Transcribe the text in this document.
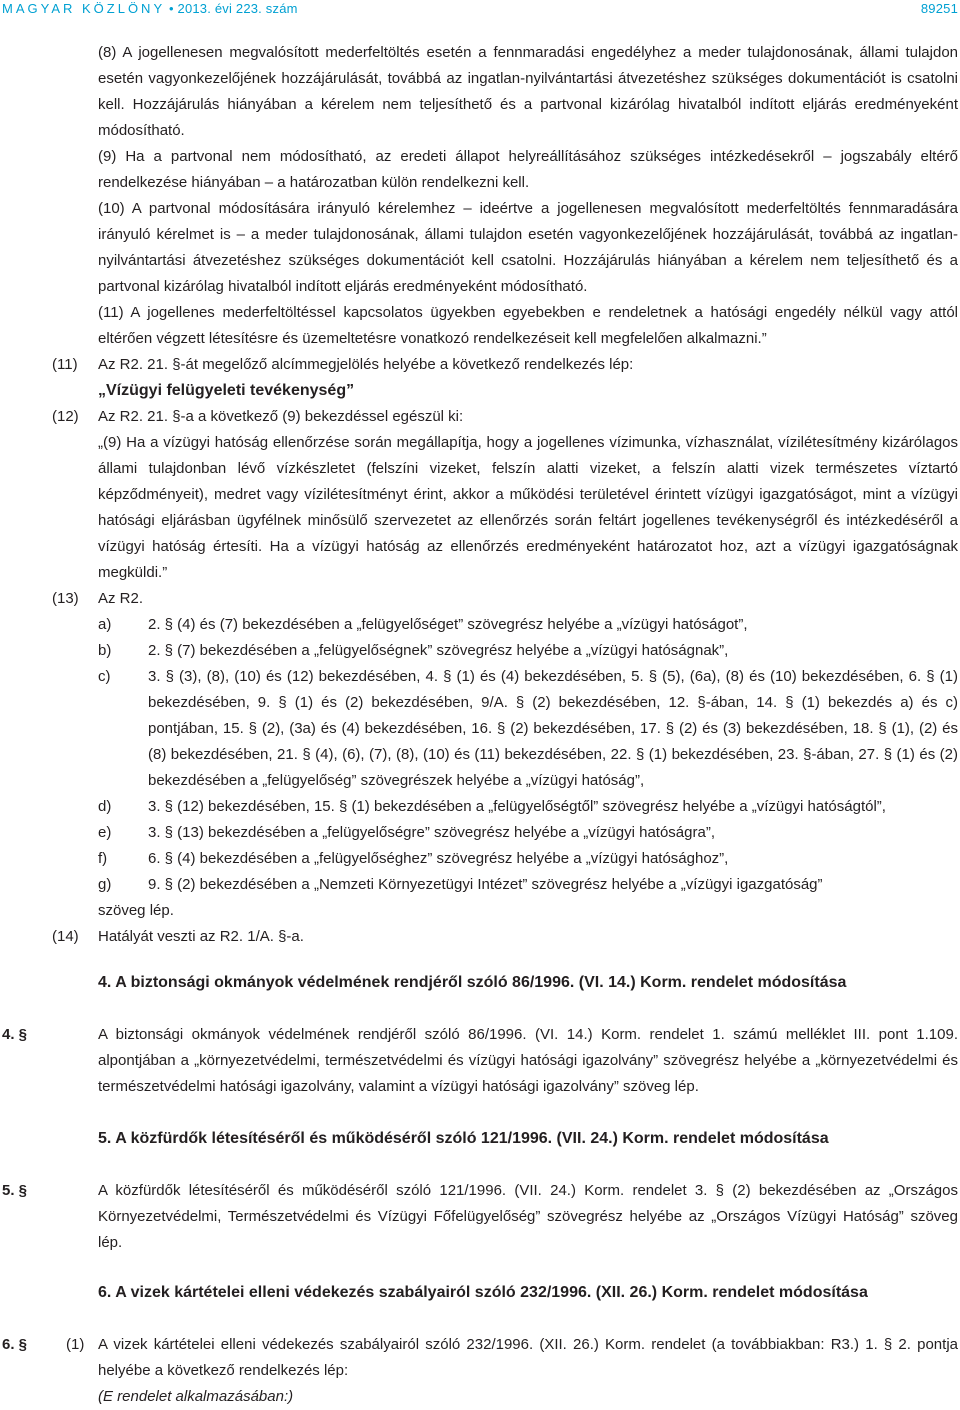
MAGYAR KÖZLÖNY • 2013. évi 223. szám	89251
(8) A jogellenesen megvalósított mederfeltöltés esetén a fennmaradási engedélyhez a meder tulajdonosának, állami tulajdon esetén vagyonkezelőjének hozzájárulását, továbbá az ingatlan-nyilvántartási átvezetéshez szükséges dokumentációt is csatolni kell. Hozzájárulás hiányában a kérelem nem teljesíthető és a partvonal kizárólag hivatalból indított eljárás eredményeként módosítható.
(9) Ha a partvonal nem módosítható, az eredeti állapot helyreállításához szükséges intézkedésekről – jogszabály eltérő rendelkezése hiányában – a határozatban külön rendelkezni kell.
(10) A partvonal módosítására irányuló kérelemhez – ideértve a jogellenesen megvalósított mederfeltöltés fennmaradására irányuló kérelmet is – a meder tulajdonosának, állami tulajdon esetén vagyonkezelőjének hozzájárulását, továbbá az ingatlan-nyilvántartási átvezetéshez szükséges dokumentációt kell csatolni. Hozzájárulás hiányában a kérelem nem teljesíthető és a partvonal kizárólag hivatalból indított eljárás eredményeként módosítható.
(11) A jogellenes mederfeltöltéssel kapcsolatos ügyekben egyebekben e rendeletnek a hatósági engedély nélkül vagy attól eltérően végzett létesítésre és üzemeltetésre vonatkozó rendelkezéseit kell megfelelően alkalmazni.”
(11) Az R2. 21. §-át megelőző alcímmegjelölés helyébe a következő rendelkezés lép:
„Vízügyi felügyeleti tevékenység”
(12) Az R2. 21. §-a a következő (9) bekezdéssel egészül ki:
„(9) Ha a vízügyi hatóság ellenőrzése során megállapítja, hogy a jogellenes vízimunka, vízhasználat, vízilétesítmény kizárólagos állami tulajdonban lévő vízkészletet (felszíni vizeket, felszín alatti vizeket, a felszín alatti vizek természetes víztartó képződményeit), medret vagy vízilétesítményt érint, akkor a működési területével érintett vízügyi igazgatóságot, mint a vízügyi hatósági eljárásban ügyfélnek minősülő szervezetet az ellenőrzés során feltárt jogellenes tevékenységről és intézkedéséről a vízügyi hatóság értesíti. Ha a vízügyi hatóság az ellenőrzés eredményeként határozatot hoz, azt a vízügyi igazgatóságnak megküldi.”
(13) Az R2.
a) 2. § (4) és (7) bekezdésében a „felügyelőséget” szövegrész helyébe a „vízügyi hatóságot”,
b) 2. § (7) bekezdésében a „felügyelőségnek” szövegrész helyébe a „vízügyi hatóságnak”,
c)	3. § (3), (8), (10) és (12) bekezdésében, 4. § (1) és (4) bekezdésében, 5. § (5), (6a), (8) és (10) bekezdésében, 6. § (1) bekezdésében, 9. § (1) és (2) bekezdésében, 9/A. § (2) bekezdésében, 12. §-ában, 14. § (1) bekezdés a) és c) pontjában, 15. § (2), (3a) és (4) bekezdésében, 16. § (2) bekezdésében, 17. § (2) és (3) bekezdésében, 18. § (1), (2) és (8) bekezdésében, 21. § (4), (6), (7), (8), (10) és (11) bekezdésében, 22. § (1) bekezdésében, 23. §-ában, 27. § (1) és (2) bekezdésében a „felügyelőség” szövegrészek helyébe a „vízügyi hatóság”,
d) 3. § (12) bekezdésében, 15. § (1) bekezdésében a „felügyelőségtől” szövegrész helyébe a „vízügyi hatóságtól”,
e) 3. § (13) bekezdésében a „felügyelőségre” szövegrész helyébe a „vízügyi hatóságra”,
f)	6. § (4) bekezdésében a „felügyelőséghez” szövegrész helyébe a „vízügyi hatósághoz”,
g) 9. § (2) bekezdésében a „Nemzeti Környezetügyi Intézet” szövegrész helyébe a „vízügyi igazgatóság”
szöveg lép.
(14) Hatályát veszti az R2. 1/A. §-a.
4. A biztonsági okmányok védelmének rendjéről szóló 86/1996. (VI. 14.) Korm. rendelet módosítása
4. §	A biztonsági okmányok védelmének rendjéről szóló 86/1996. (VI. 14.) Korm. rendelet 1. számú melléklet III. pont 1.109. alpontjában a „környezetvédelmi, természetvédelmi és vízügyi hatósági igazolvány” szövegrész helyébe a „környezetvédelmi és természetvédelmi hatósági igazolvány, valamint a vízügyi hatósági igazolvány” szöveg lép.
5. A közfürdők létesítéséről és működéséről szóló 121/1996. (VII. 24.) Korm. rendelet módosítása
5. §	A közfürdők létesítéséről és működéséről szóló 121/1996. (VII. 24.) Korm. rendelet 3. § (2) bekezdésében az „Országos Környezetvédelmi, Természetvédelmi és Vízügyi Főfelügyelőség” szövegrész helyébe az „Országos Vízügyi Hatóság” szöveg lép.
6. A vizek kártételei elleni védekezés szabályairól szóló 232/1996. (XII. 26.) Korm. rendelet módosítása
6. §	(1) A vizek kártételei elleni védekezés szabályairól szóló 232/1996. (XII. 26.) Korm. rendelet (a továbbiakban: R3.) 1. § 2. pontja helyébe a következő rendelkezés lép:
(E rendelet alkalmazásában:)
